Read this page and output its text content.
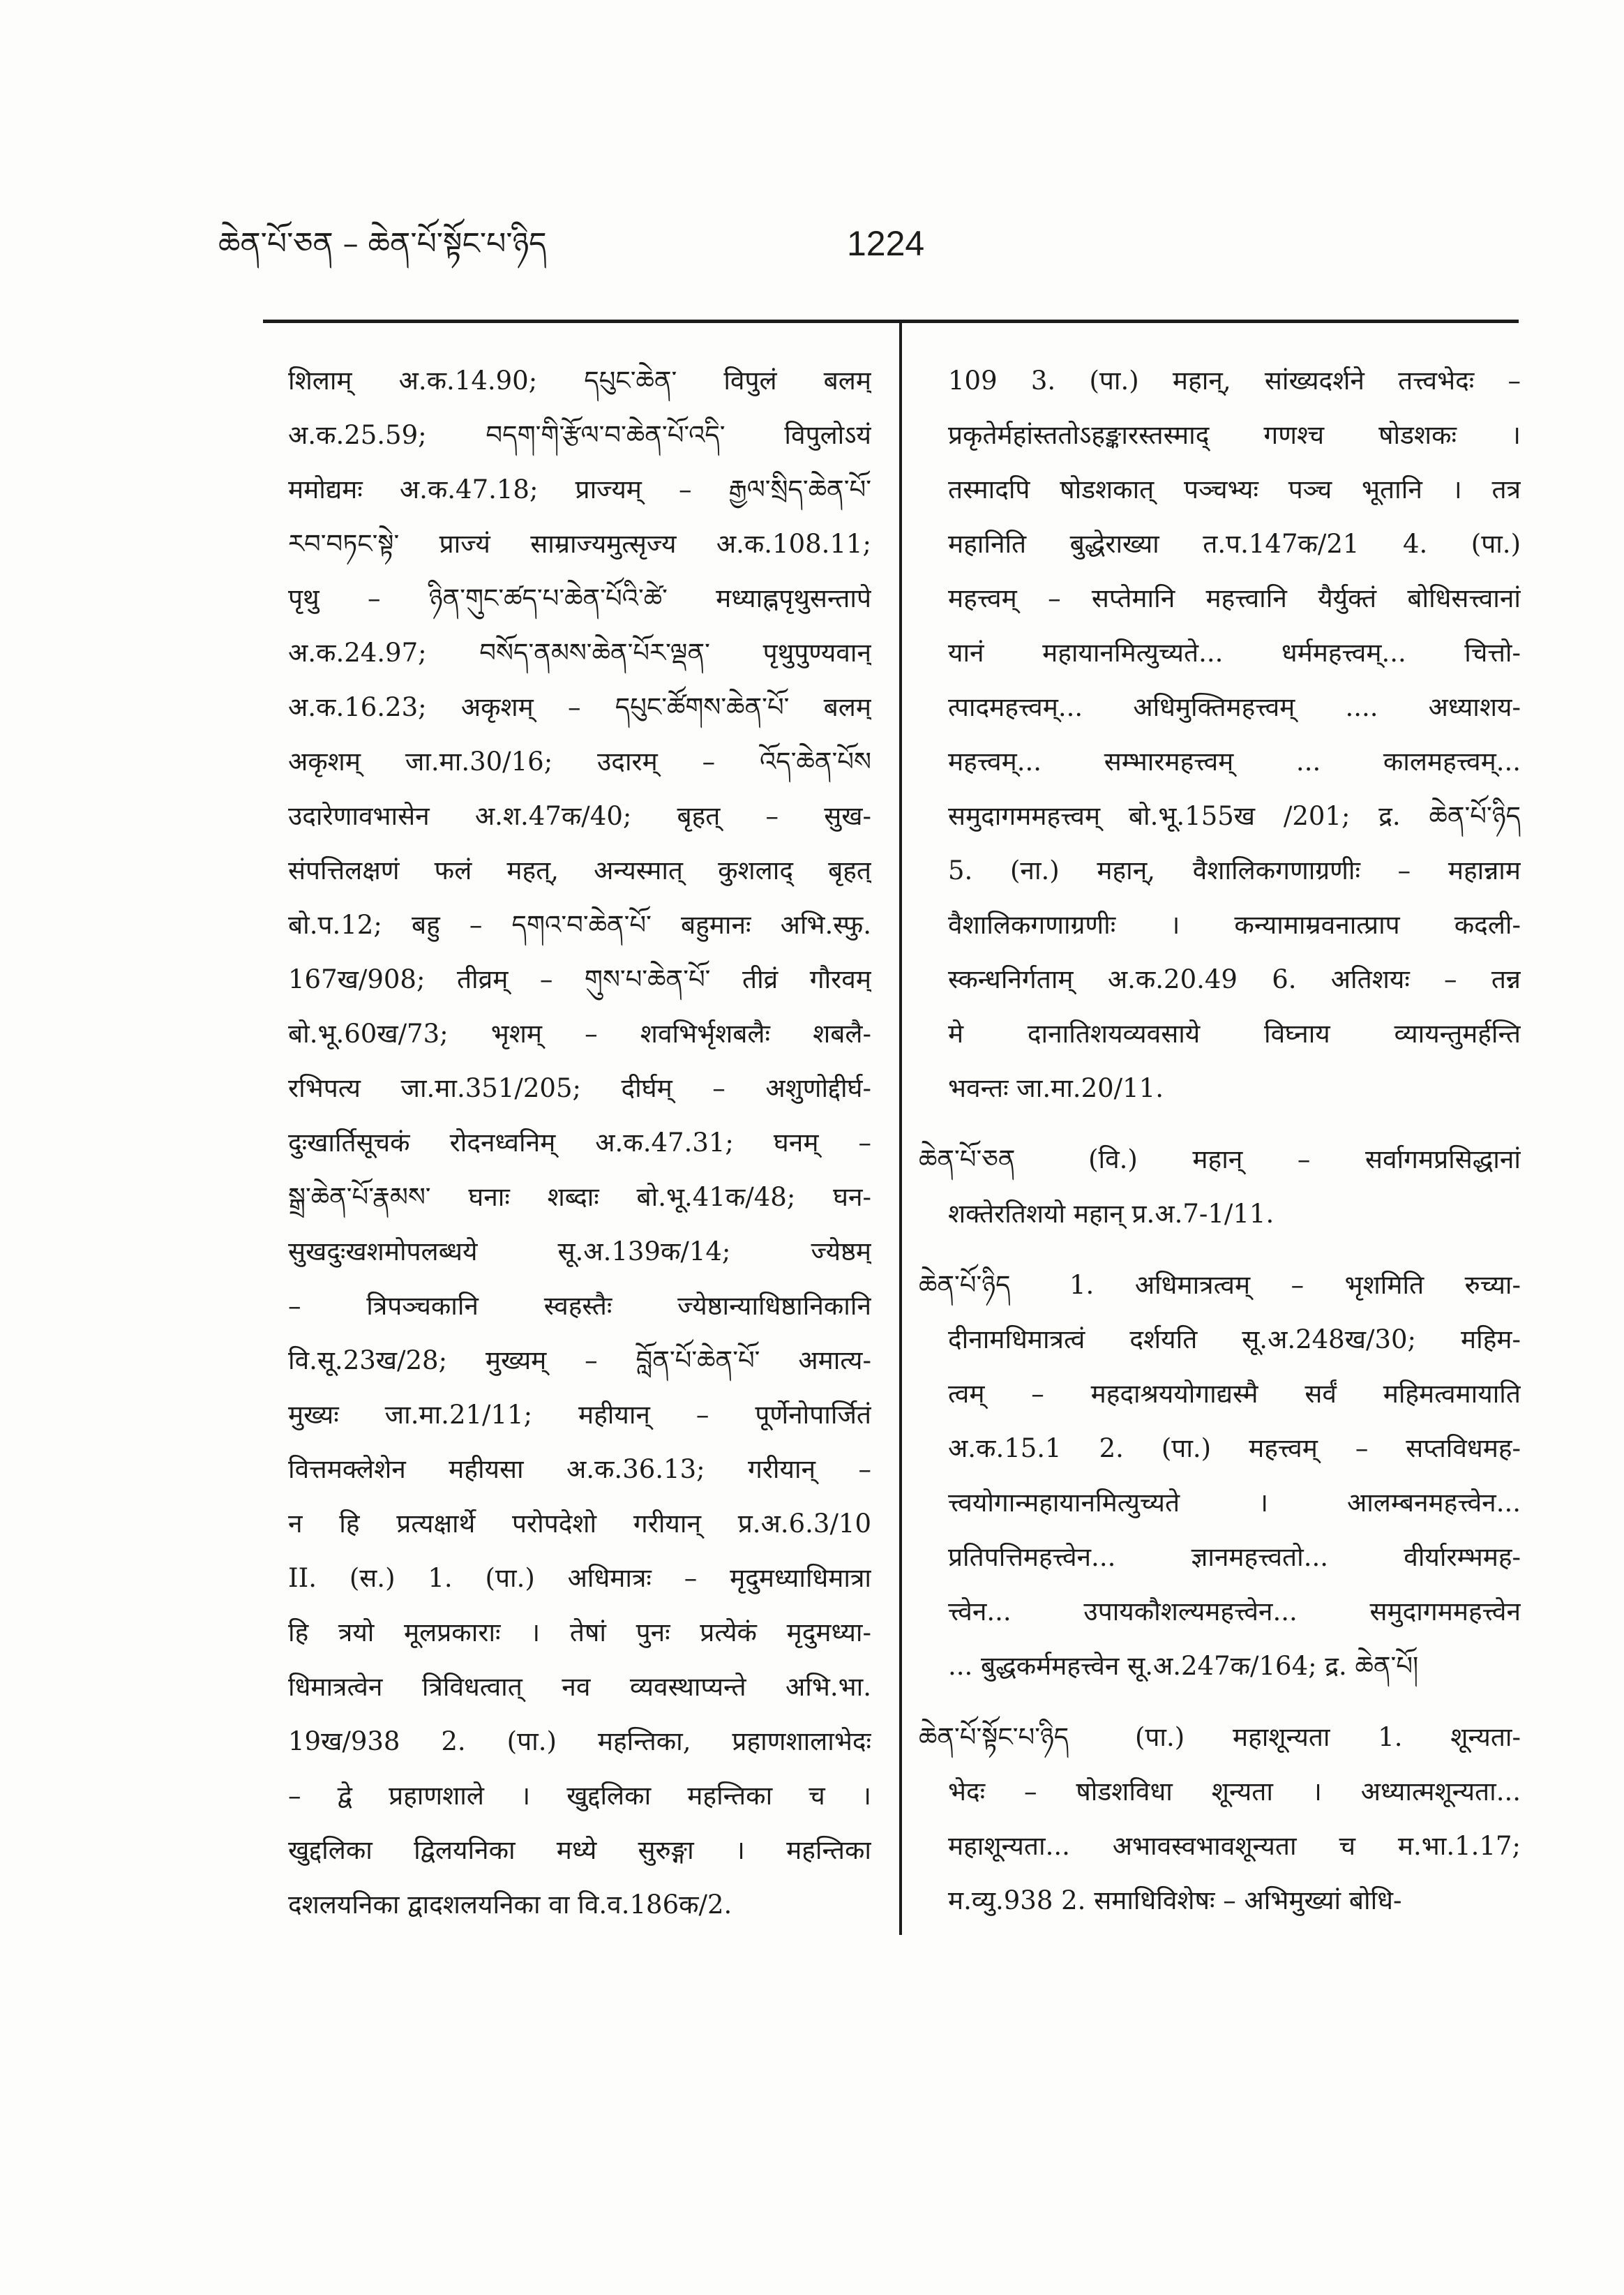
ཆེན་པོ་ཅན – ཆེན་པོ་སྟོང་པ་ཉིད	1224
शिलाम् अ.क.14.90; དཔུང་ཆེན་ विपुलं बलम्
अ.क.25.59; བདག་གི་རྩོལ་བ་ཆེན་པོ་འདི་ विपुलोऽयं
ममोद्यमः अ.क.47.18; प्राज्यम् – རྒྱལ་སྲིད་ཆེན་པོ་
རབ་བཏང་སྟེ་ प्राज्यं साम्राज्यमुत्सृज्य अ.क.108.11;
पृथु – ཉིན་གུང་ཚད་པ་ཆེན་པོའི་ཚེ་ मध्याह्नपृथुसन्तापे
अ.क.24.97; བསོད་ནམས་ཆེན་པོར་ལྡན་ पृथुपुण्यवान्
अ.क.16.23; अकृशम् – དཔུང་ཚོགས་ཆེན་པོ་ बलम्
अकृशम् जा.मा.30/16; उदारम् – འོད་ཆེན་པོས
उदारेणावभासेन अ.श.47क/40; बृहत् – सुख-
संपत्तिलक्षणं फलं महत्, अन्यस्मात् कुशलाद् बृहत्
बो.प.12; बहु – དགའ་བ་ཆེན་པོ་ बहुमानः अभि.स्फु.
167ख/908; तीव्रम् – གུས་པ་ཆེན་པོ་ तीव्रं गौरवम्
बो.भू.60ख/73; भृशम् – शवभिर्भृशबलैः शबलै-
रभिपत्य जा.मा.351/205; दीर्घम् – अशुणोद्दीर्घ-
दुःखार्तिसूचकं रोदनध्वनिम् अ.क.47.31; घनम् –
སྒྲ་ཆེན་པོ་རྣམས་ घनाः शब्दाः बो.भू.41क/48; घन-
सुखदुःखशमोपलब्धये सू.अ.139क/14; ज्येष्ठम्
– त्रिपञ्चकानि स्वहस्तैः ज्येष्ठान्याधिष्ठानिकानि
वि.सू.23ख/28; मुख्यम् – བློན་པོ་ཆེན་པོ་ अमात्य-
मुख्यः जा.मा.21/11; महीयान् – पूर्णेनोपार्जितं
वित्तमक्लेशेन महीयसा अ.क.36.13; गरीयान् –
न हि प्रत्यक्षार्थे परोपदेशो गरीयान् प्र.अ.6.3/10
II. (स.) 1. (पा.) अधिमात्रः – मृदुमध्याधिमात्रा
हि त्रयो मूलप्रकाराः । तेषां पुनः प्रत्येकं मृदुमध्या-
धिमात्रत्वेन त्रिविधत्वात् नव व्यवस्थाप्यन्ते अभि.भा.
19ख/938 2. (पा.) महन्तिका, प्रहाणशालाभेदः
– द्वे प्रहाणशाले । खुद्दलिका महन्तिका च ।
खुद्दलिका द्विलयनिका मध्ये सुरुङ्गा । महन्तिका
दशलयनिका द्वादशलयनिका वा वि.व.186क/2.
109 3. (पा.) महान्, सांख्यदर्शने तत्त्वभेदः –
प्रकृतेर्महांस्ततोऽहङ्कारस्तस्माद् गणश्च षोडशकः ।
तस्मादपि षोडशकात् पञ्चभ्यः पञ्च भूतानि । तत्र
महानिति बुद्धेराख्या त.प.147क/21 4. (पा.)
महत्त्वम् – सप्तेमानि महत्त्वानि यैर्युक्तं बोधिसत्त्वानां
यानं महायानमित्युच्यते... धर्ममहत्त्वम्... चित्तो-
त्पादमहत्त्वम्... अधिमुक्तिमहत्त्वम् .... अध्याशय-
महत्त्वम्... सम्भारमहत्त्वम् ... कालमहत्त्वम्...
समुदागममहत्त्वम् बो.भू.155ख /201; द्र. ཆེན་པོ་ཉིད
5. (ना.) महान्, वैशालिकगणाग्रणीः – महान्नाम
वैशालिकगणाग्रणीः । कन्यामाम्रवनात्प्राप कदली-
स्कन्धनिर्गताम् अ.क.20.49 6. अतिशयः – तन्न
मे दानातिशयव्यवसाये विघ्नाय व्यायन्तुमर्हन्ति
भवन्तः जा.मा.20/11.
ཆེན་པོ་ཅན	(वि.) महान् – सर्वागमप्रसिद्धानां
शक्तेरतिशयो महान् प्र.अ.7-1/11.
ཆེན་པོ་ཉིད 1. अधिमात्रत्वम् – भृशमिति रुच्या-
दीनामधिमात्रत्वं दर्शयति सू.अ.248ख/30; महिम-
त्वम् – महदाश्रययोगाद्यस्मै सर्वं महिमत्वमायाति
अ.क.15.1 2. (पा.) महत्त्वम् – सप्तविधमह-
त्त्वयोगान्महायानमित्युच्यते । आलम्बनमहत्त्वेन...
प्रतिपत्तिमहत्त्वेन... ज्ञानमहत्त्वतो... वीर्यारम्भमह-
त्त्वेन... उपायकौशल्यमहत्त्वेन... समुदागममहत्त्वेन
... बुद्धकर्ममहत्त्वेन सू.अ.247क/164; द्र. ཆེན་པོ།
ཆེན་པོ་སྟོང་པ་ཉིད	(पा.) महाशून्यता 1. शून्यता-
भेदः – षोडशविधा शून्यता । अध्यात्मशून्यता...
महाशून्यता... अभावस्वभावशून्यता च म.भा.1.17;
म.व्यु.938 2. समाधिविशेषः – अभिमुख्यां बोधि-
